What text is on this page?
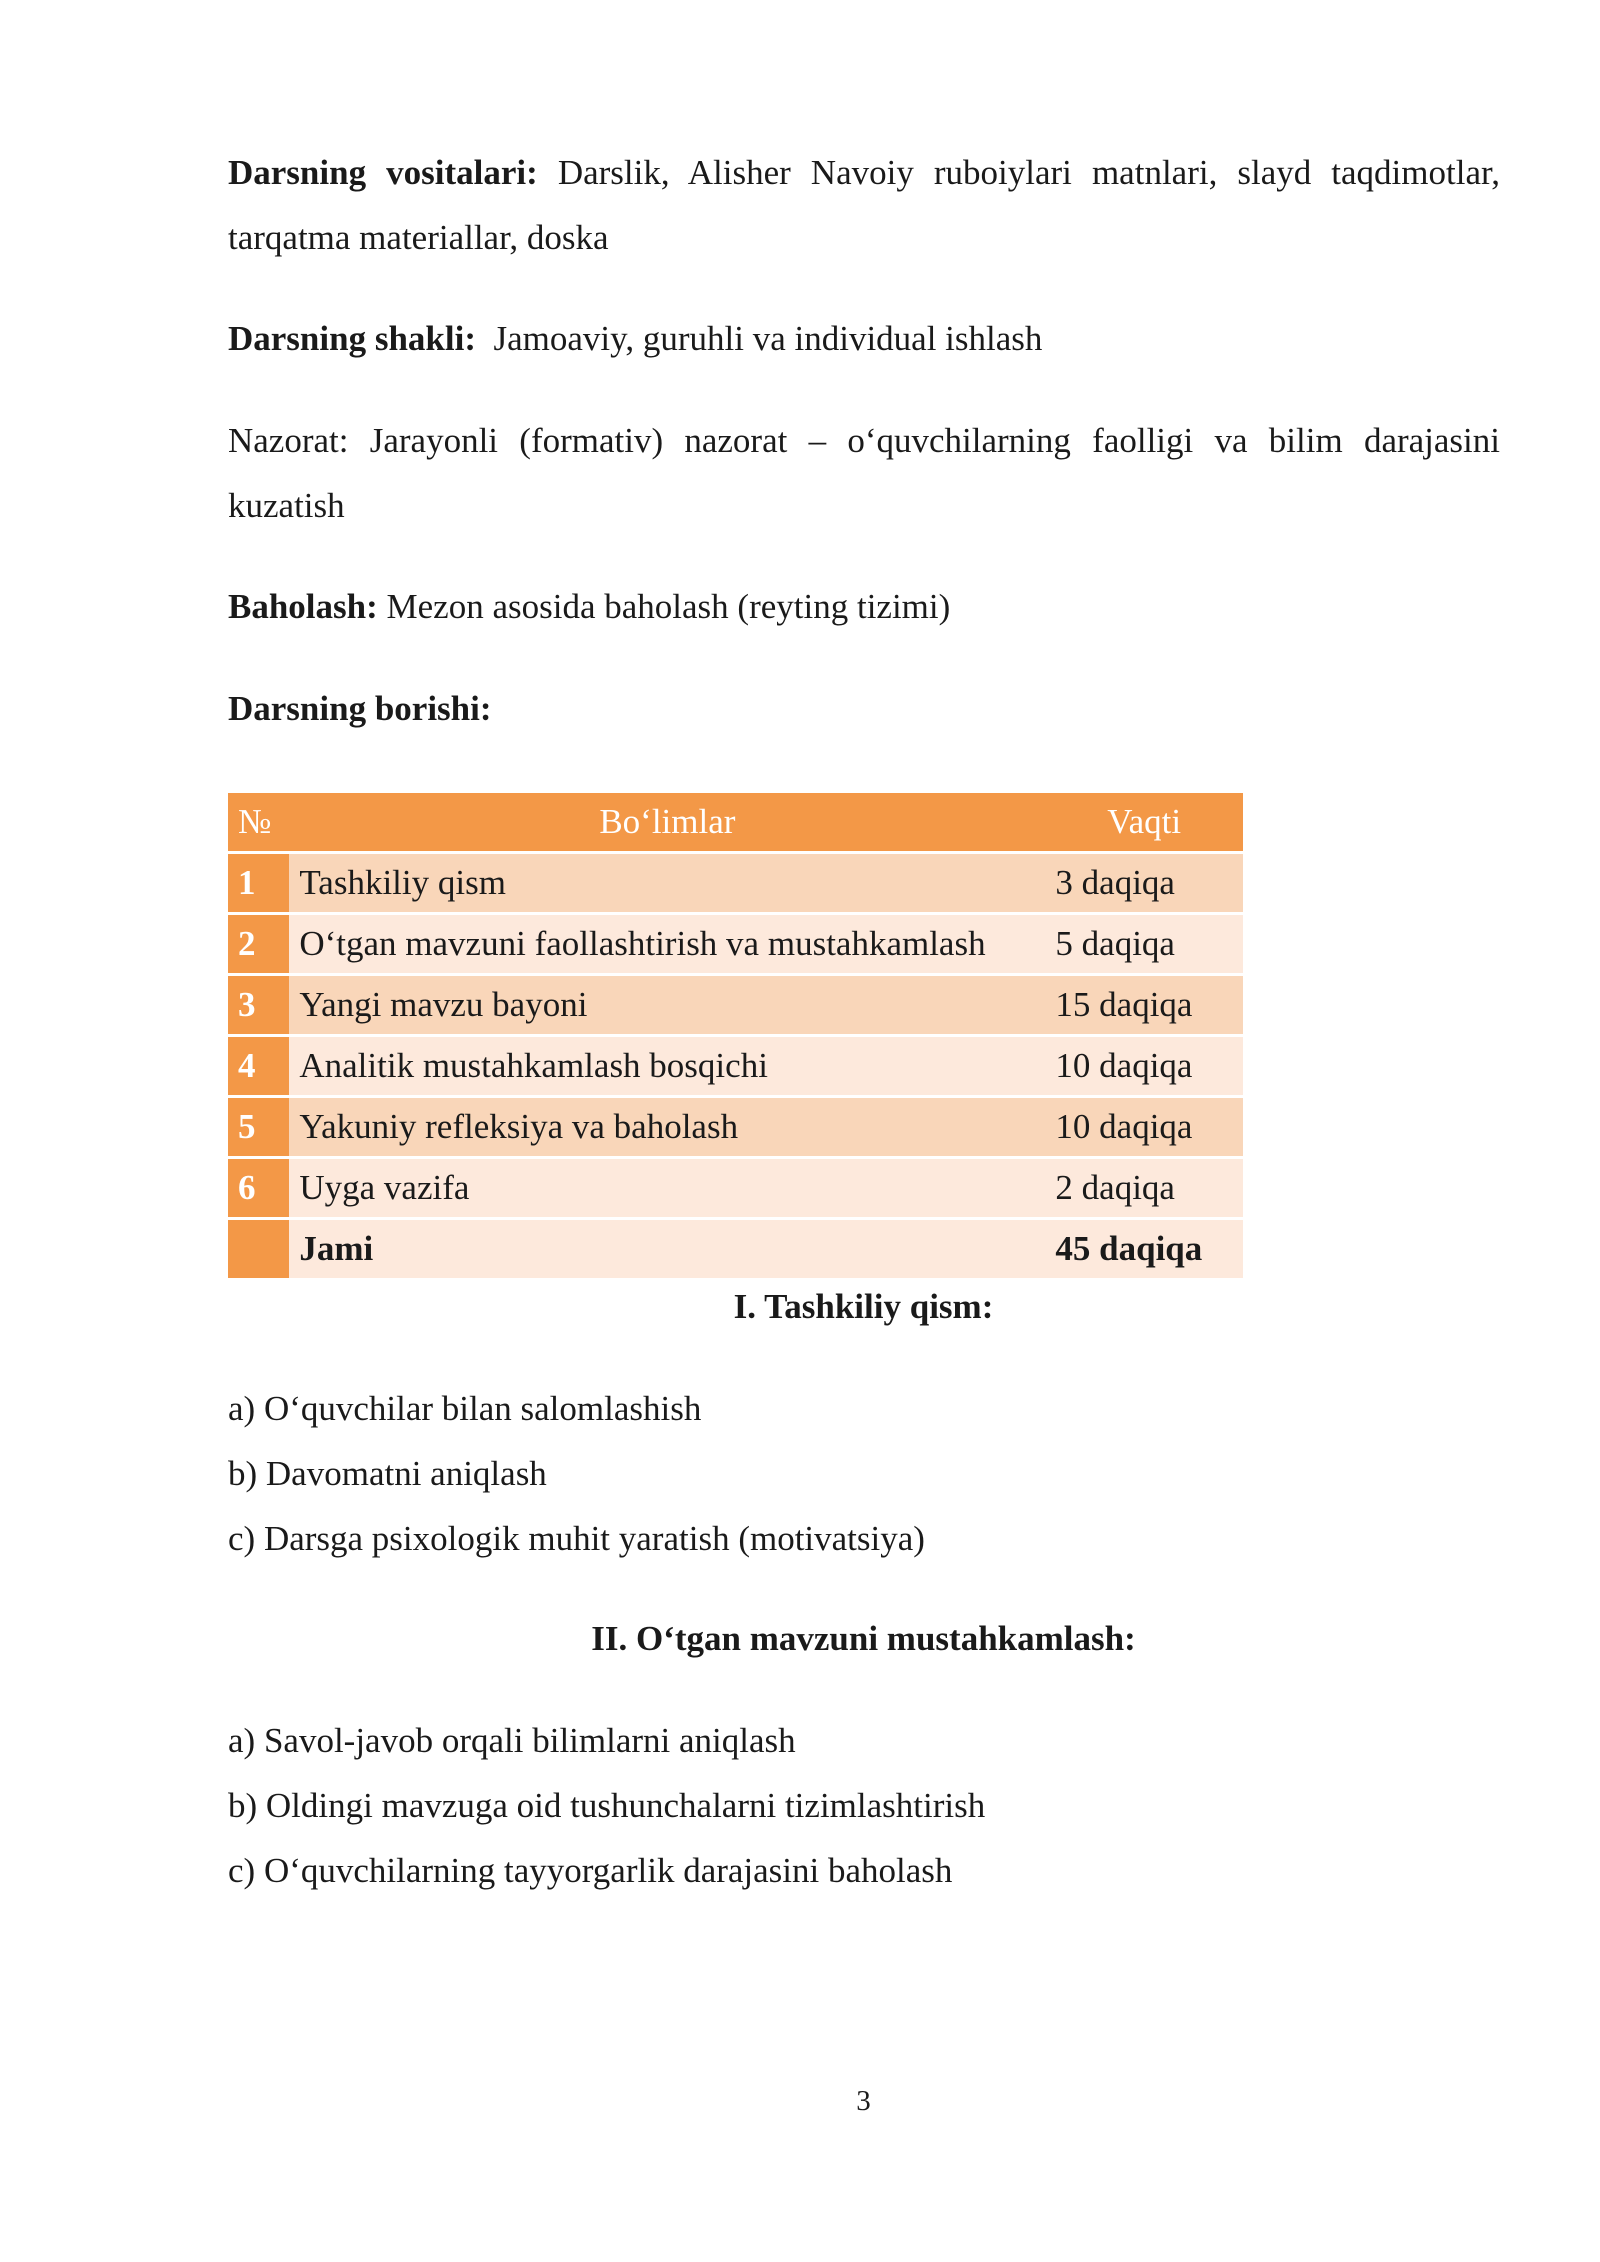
Darsning vositalari: Darslik, Alisher Navoiy ruboiylari matnlari, slayd taqdimotlar, tarqatma materiallar, doska

Darsning shakli:  Jamoaviy, guruhli va individual ishlash

Nazorat: Jarayonli (formativ) nazorat – o‘quvchilarning faolligi va bilim darajasini kuzatish

Baholash: Mezon asosida baholash (reyting tizimi)

Darsning borishi:

№	Bo‘limlar	Vaqti
1	Tashkiliy qism	3 daqiqa
2	O‘tgan mavzuni faollashtirish va mustahkamlash	5 daqiqa
3	Yangi mavzu bayoni	15 daqiqa
4	Analitik mustahkamlash bosqichi	10 daqiqa
5	Yakuniy refleksiya va baholash	10 daqiqa
6	Uyga vazifa	2 daqiqa
	Jami	45 daqiqa

I. Tashkiliy qism:

a) O‘quvchilar bilan salomlashish
b) Davomatni aniqlash
c) Darsga psixologik muhit yaratish (motivatsiya)

II. O‘tgan mavzuni mustahkamlash:

a) Savol-javob orqali bilimlarni aniqlash
b) Oldingi mavzuga oid tushunchalarni tizimlashtirish
c) O‘quvchilarning tayyorgarlik darajasini baholash
3
